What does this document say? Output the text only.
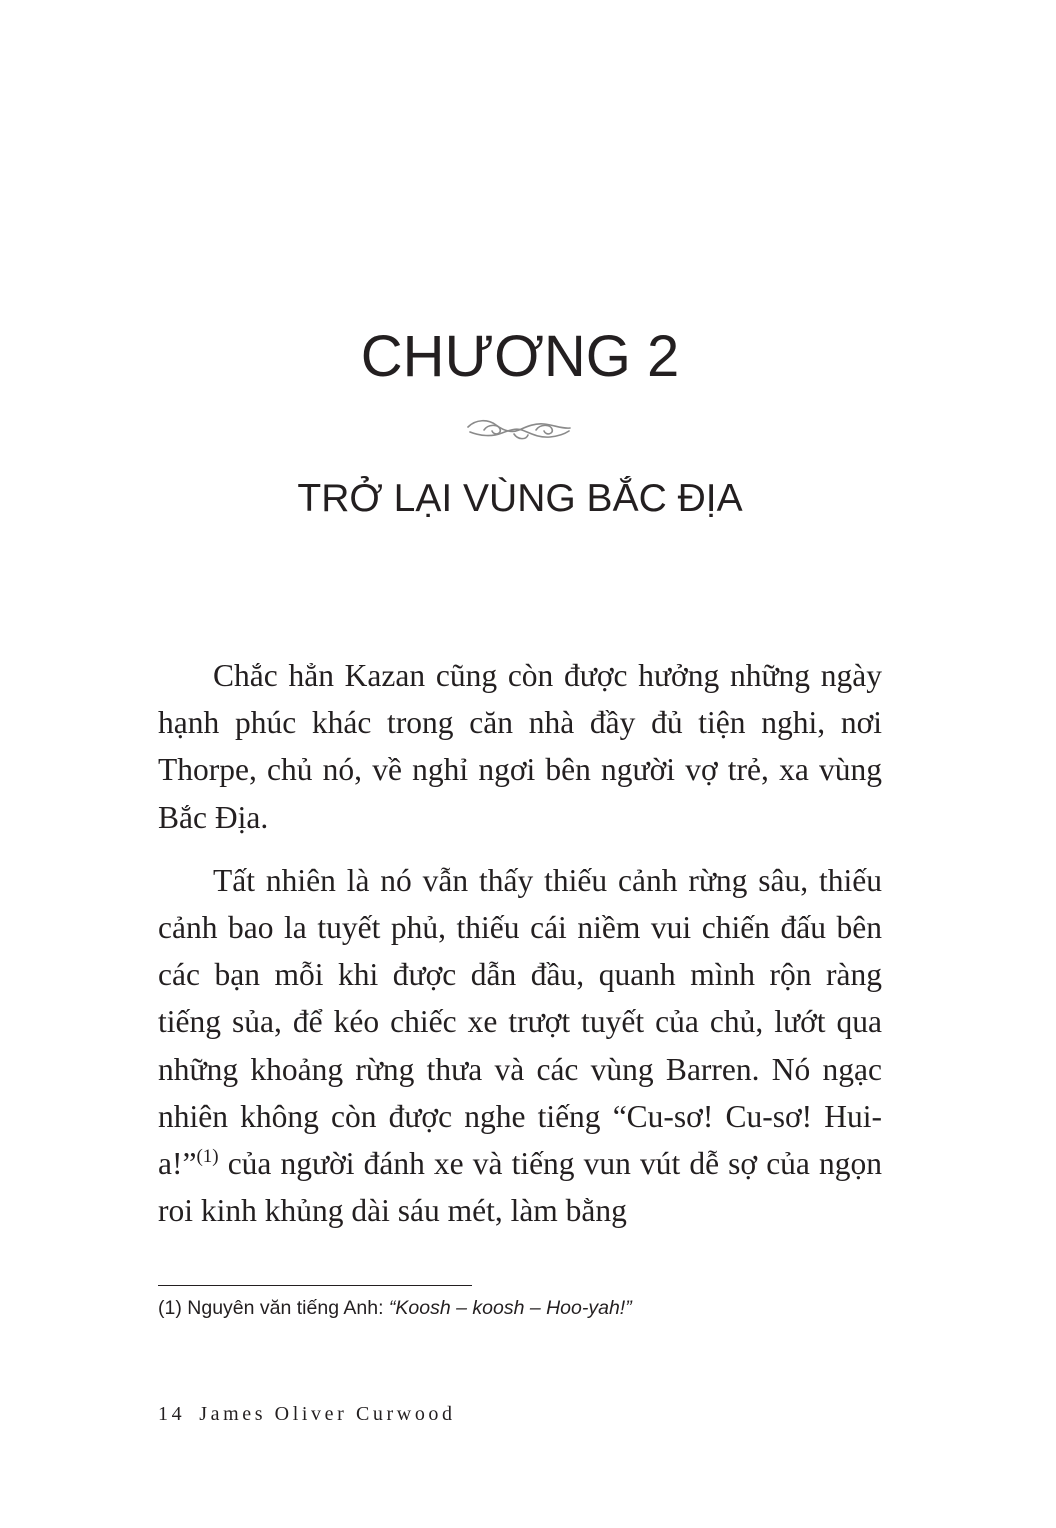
CHƯƠNG 2
TRỞ LẠI VÙNG BẮC ĐỊA

Chắc hẳn Kazan cũng còn được hưởng những ngày hạnh phúc khác trong căn nhà đầy đủ tiện nghi, nơi Thorpe, chủ nó, về nghỉ ngơi bên người vợ trẻ, xa vùng Bắc Địa.

Tất nhiên là nó vẫn thấy thiếu cảnh rừng sâu, thiếu cảnh bao la tuyết phủ, thiếu cái niềm vui chiến đấu bên các bạn mỗi khi được dẫn đầu, quanh mình rộn ràng tiếng sủa, để kéo chiếc xe trượt tuyết của chủ, lướt qua những khoảng rừng thưa và các vùng Barren. Nó ngạc nhiên không còn được nghe tiếng “Cu-sơ! Cu-sơ! Hui-a!”$^{(1)}$ của người đánh xe và tiếng vun vút dễ sợ của ngọn roi kinh khủng dài sáu mét, làm bằng

(1) Nguyên văn tiếng Anh: “Koosh – koosh – Hoo-yah!”
14 James Oliver Curwood
